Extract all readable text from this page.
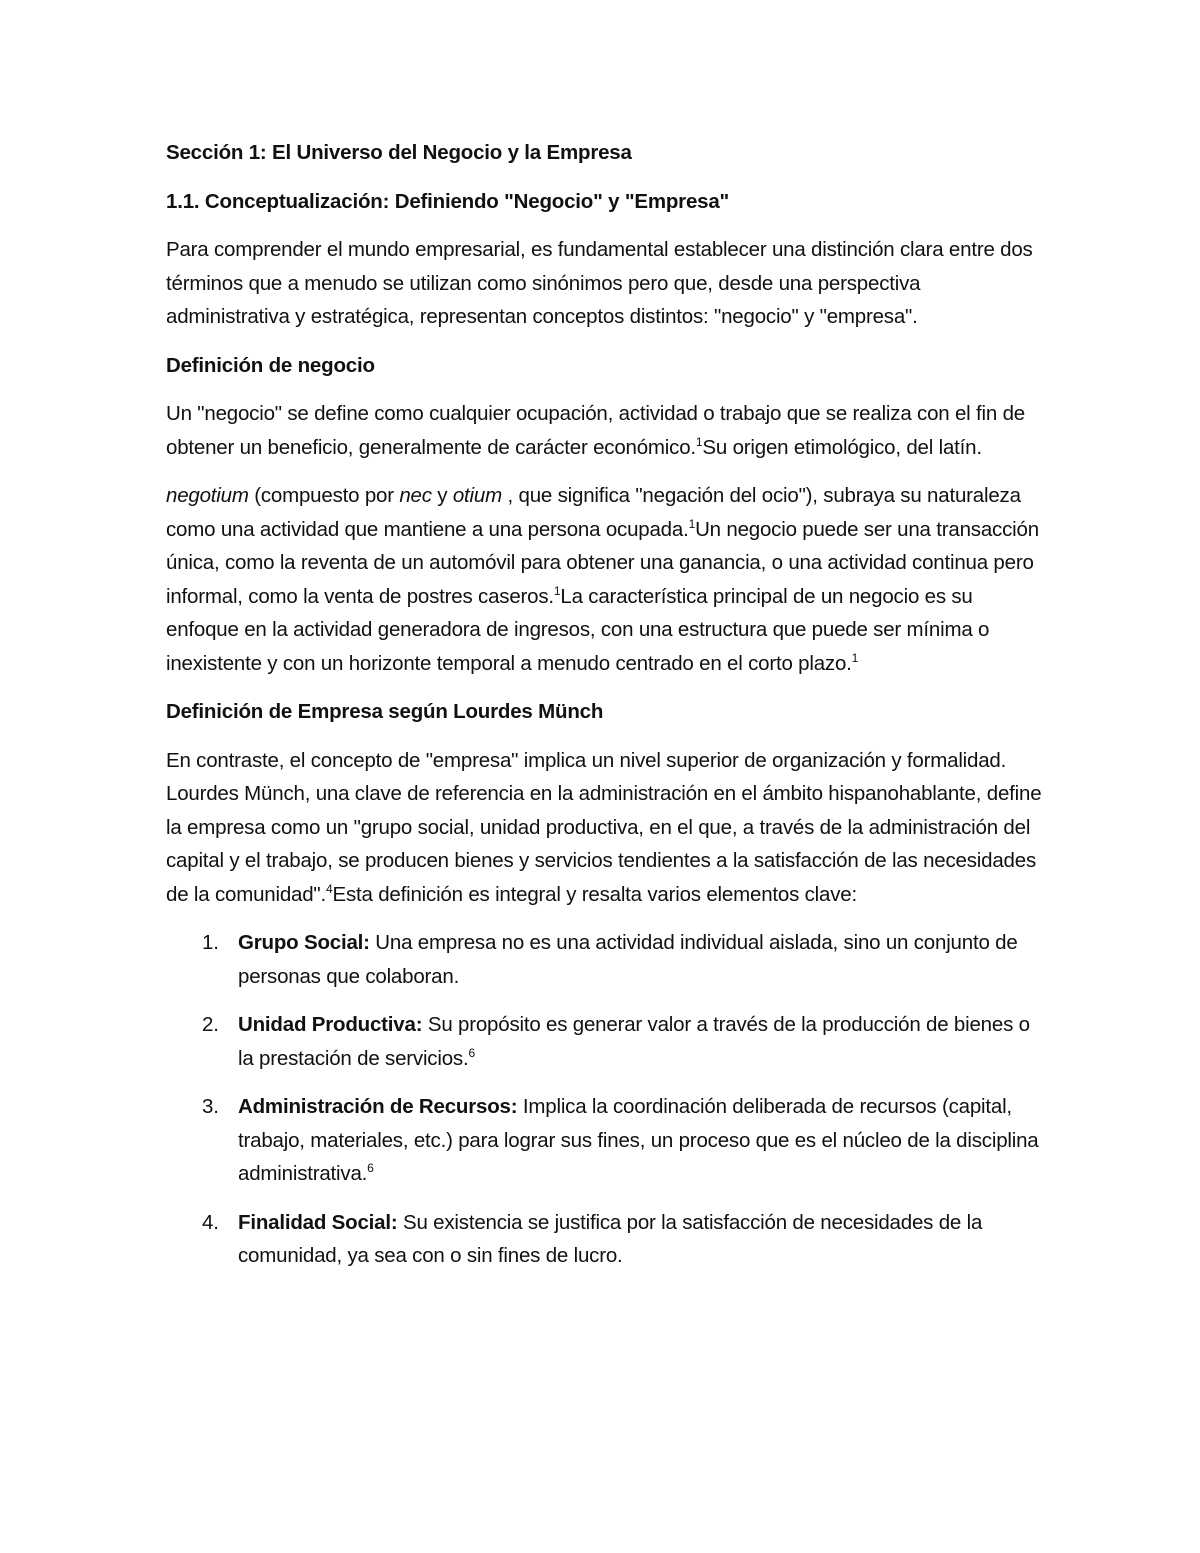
Sección 1: El Universo del Negocio y la Empresa

1.1. Conceptualización: Definiendo "Negocio" y "Empresa"

Para comprender el mundo empresarial, es fundamental establecer una distinción clara entre dos términos que a menudo se utilizan como sinónimos pero que, desde una perspectiva administrativa y estratégica, representan conceptos distintos: "negocio" y "empresa".

Definición de negocio

Un "negocio" se define como cualquier ocupación, actividad o trabajo que se realiza con el fin de obtener un beneficio, generalmente de carácter económico.$^1$Su origen etimológico, del latín.

negotium (compuesto por nec y otium , que significa "negación del ocio"), subraya su naturaleza como una actividad que mantiene a una persona ocupada.$^1$Un negocio puede ser una transacción única, como la reventa de un automóvil para obtener una ganancia, o una actividad continua pero informal, como la venta de postres caseros.$^1$La característica principal de un negocio es su enfoque en la actividad generadora de ingresos, con una estructura que puede ser mínima o inexistente y con un horizonte temporal a menudo centrado en el corto plazo.$^1$

Definición de Empresa según Lourdes Münch

En contraste, el concepto de "empresa" implica un nivel superior de organización y formalidad. Lourdes Münch, una clave de referencia en la administración en el ámbito hispanohablante, define la empresa como un "grupo social, unidad productiva, en el que, a través de la administración del capital y el trabajo, se producen bienes y servicios tendientes a la satisfacción de las necesidades de la comunidad".$^4$Esta definición es integral y resalta varios elementos clave:

1. Grupo Social: Una empresa no es una actividad individual aislada, sino un conjunto de personas que colaboran.
2. Unidad Productiva: Su propósito es generar valor a través de la producción de bienes o la prestación de servicios.$^6$
3. Administración de Recursos: Implica la coordinación deliberada de recursos (capital, trabajo, materiales, etc.) para lograr sus fines, un proceso que es el núcleo de la disciplina administrativa.$^6$
4. Finalidad Social: Su existencia se justifica por la satisfacción de necesidades de la comunidad, ya sea con o sin fines de lucro.
